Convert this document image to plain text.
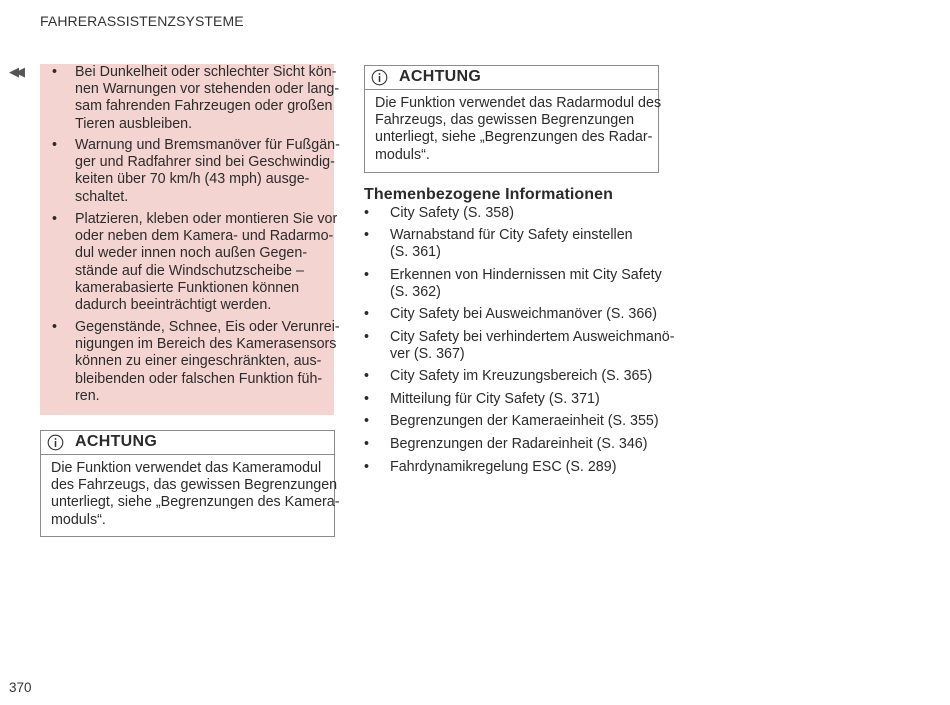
FAHRERASSISTENZSYSTEME
◀◀ • Bei Dunkelheit oder schlechter Sicht kön-
nen Warnungen vor stehenden oder lang-
sam fahrenden Fahrzeugen oder großen
Tieren ausbleiben.
• Warnung und Bremsmanöver für Fußgän-
ger und Radfahrer sind bei Geschwindig-
keiten über 70 km/h (43 mph) ausge-
schaltet.
• Platzieren, kleben oder montieren Sie vor
oder neben dem Kamera- und Radarmo-
dul weder innen noch außen Gegen-
stände auf die Windschutzscheibe –
kamerabasierte Funktionen können
dadurch beeinträchtigt werden.
• Gegenstände, Schnee, Eis oder Verunrei-
nigungen im Bereich des Kamerasensors
können zu einer eingeschränkten, aus-
bleibenden oder falschen Funktion füh-
ren.
ACHTUNG
Die Funktion verwendet das Kameramodul
des Fahrzeugs, das gewissen Begrenzungen
unterliegt, siehe „Begrenzungen des Kamera-
moduls“.
ACHTUNG
Die Funktion verwendet das Radarmodul des
Fahrzeugs, das gewissen Begrenzungen
unterliegt, siehe „Begrenzungen des Radar-
moduls“.
Themenbezogene Informationen
• City Safety (S. 358)
• Warnabstand für City Safety einstellen
(S. 361)
• Erkennen von Hindernissen mit City Safety
(S. 362)
• City Safety bei Ausweichmanöver (S. 366)
• City Safety bei verhindertem Ausweichmanö-
ver (S. 367)
• City Safety im Kreuzungsbereich (S. 365)
• Mitteilung für City Safety (S. 371)
• Begrenzungen der Kameraeinheit (S. 355)
• Begrenzungen der Radareinheit (S. 346)
• Fahrdynamikregelung ESC (S. 289)
370
